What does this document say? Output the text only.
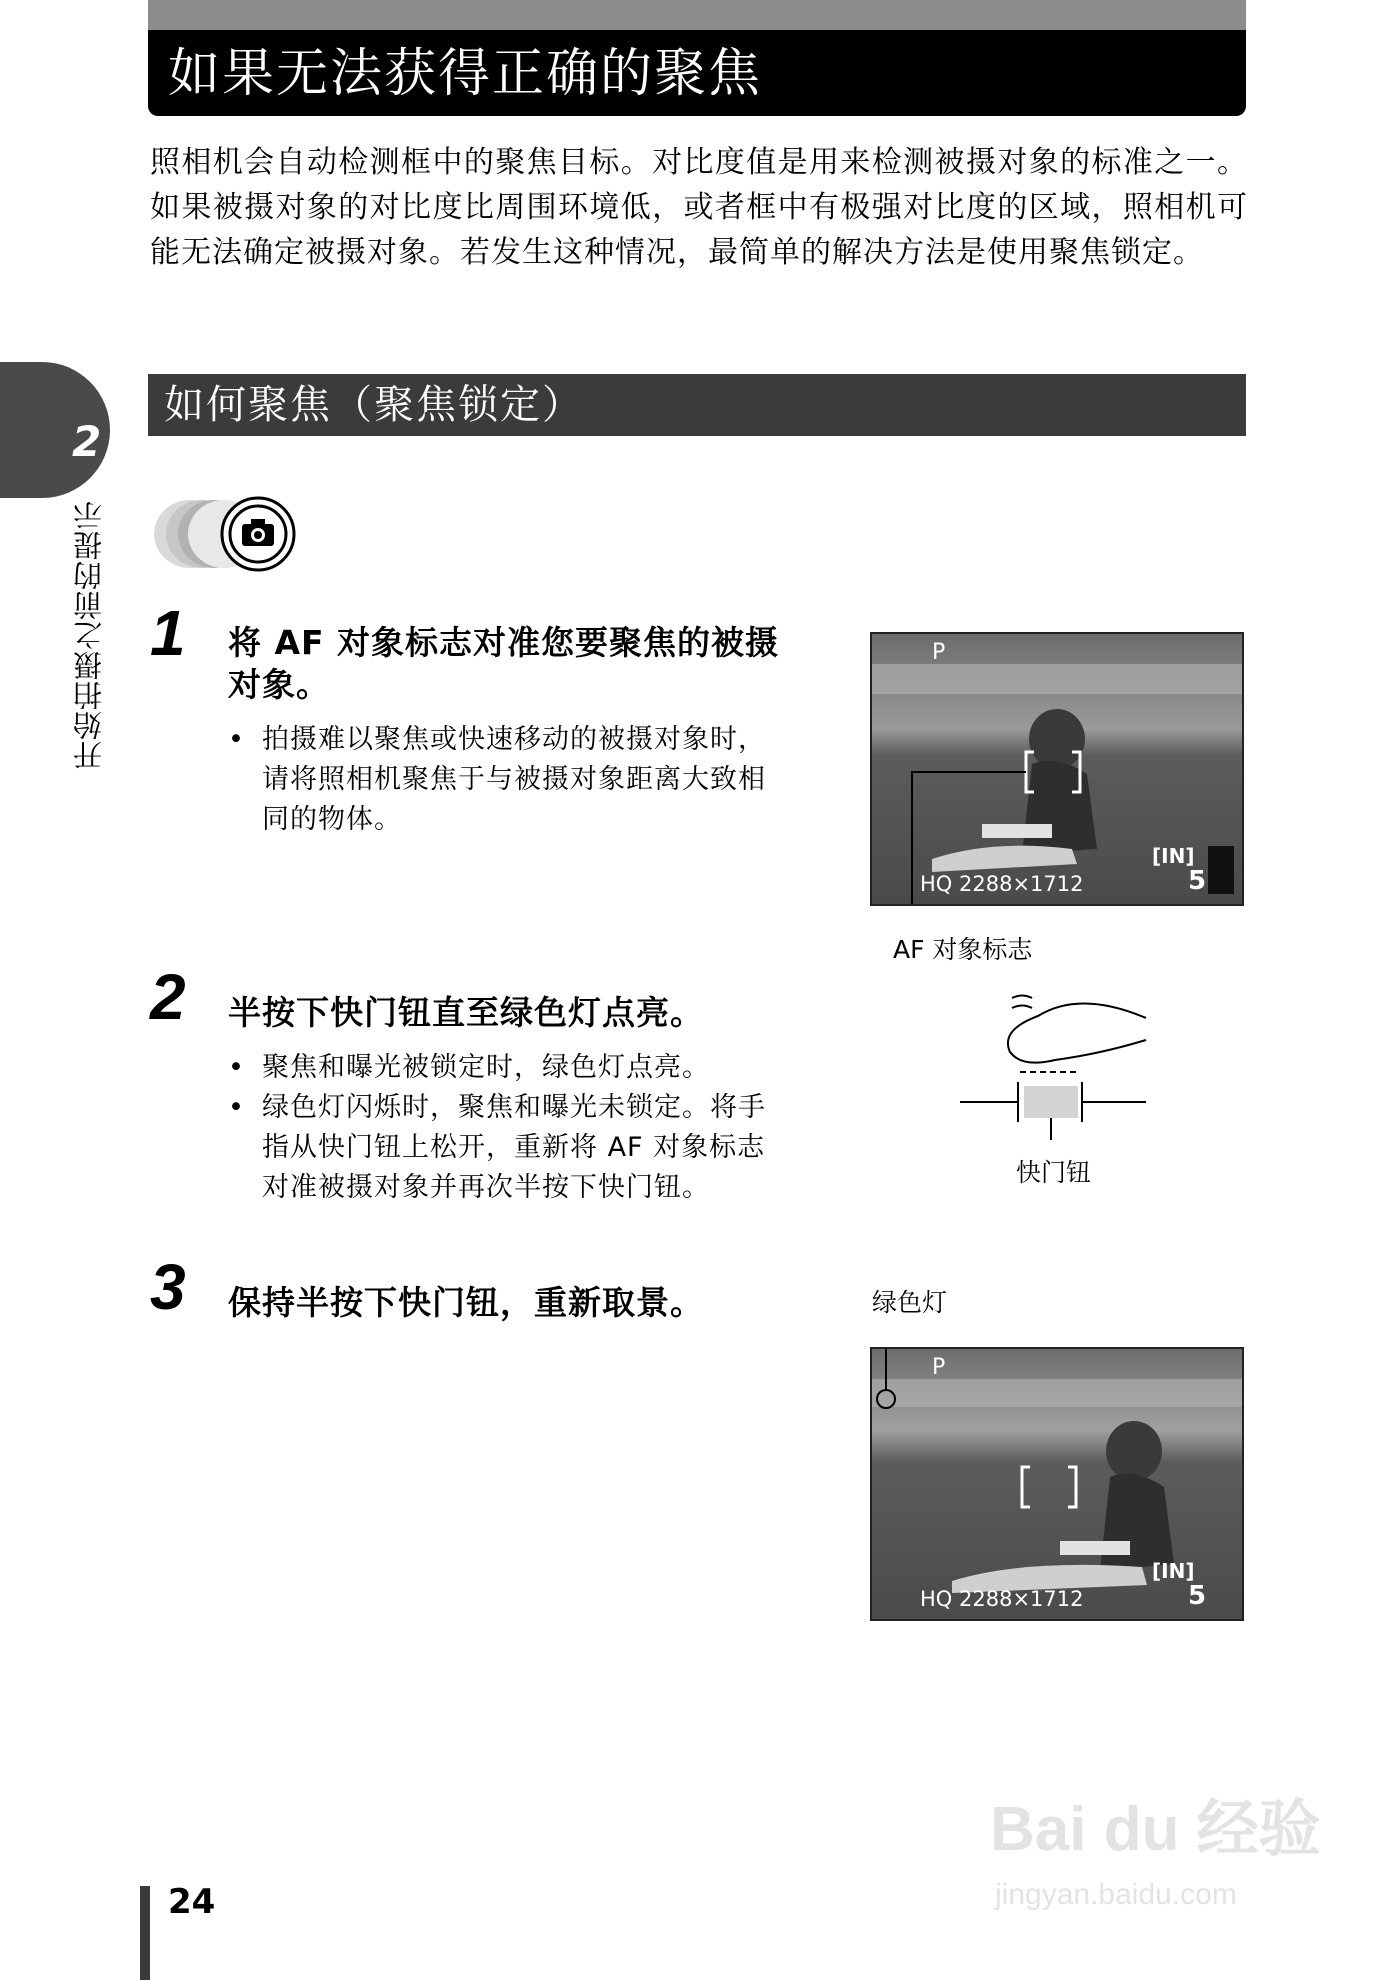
如果无法获得正确的聚焦
照相机会自动检测框中的聚焦目标。对比度值是用来检测被摄对象的标准之一。如果被摄对象的对比度比周围环境低，或者框中有极强对比度的区域，照相机可能无法确定被摄对象。若发生这种情况，最简单的解决方法是使用聚焦锁定。
如何聚焦（聚焦锁定）
2
开始拍摄之前的提示 1 将 AF 对象标志对准您要聚焦的被摄对象。
• 拍摄难以聚焦或快速移动的被摄对象时，请将照相机聚焦于与被摄对象距离大致相同的物体。
P
[IN]
5
HQ 2288×1712
AF 对象标志
2 半按下快门钮直至绿色灯点亮。
• 聚焦和曝光被锁定时，绿色灯点亮。
• 绿色灯闪烁时，聚焦和曝光未锁定。将手指从快门钮上松开，重新将 AF 对象标志对准被摄对象并再次半按下快门钮。	快门钮
3 保持半按下快门钮，重新取景。	绿色灯
P
[IN]
5
HQ 2288×1712
Bai du 经验
jingyan.baidu.com
24
